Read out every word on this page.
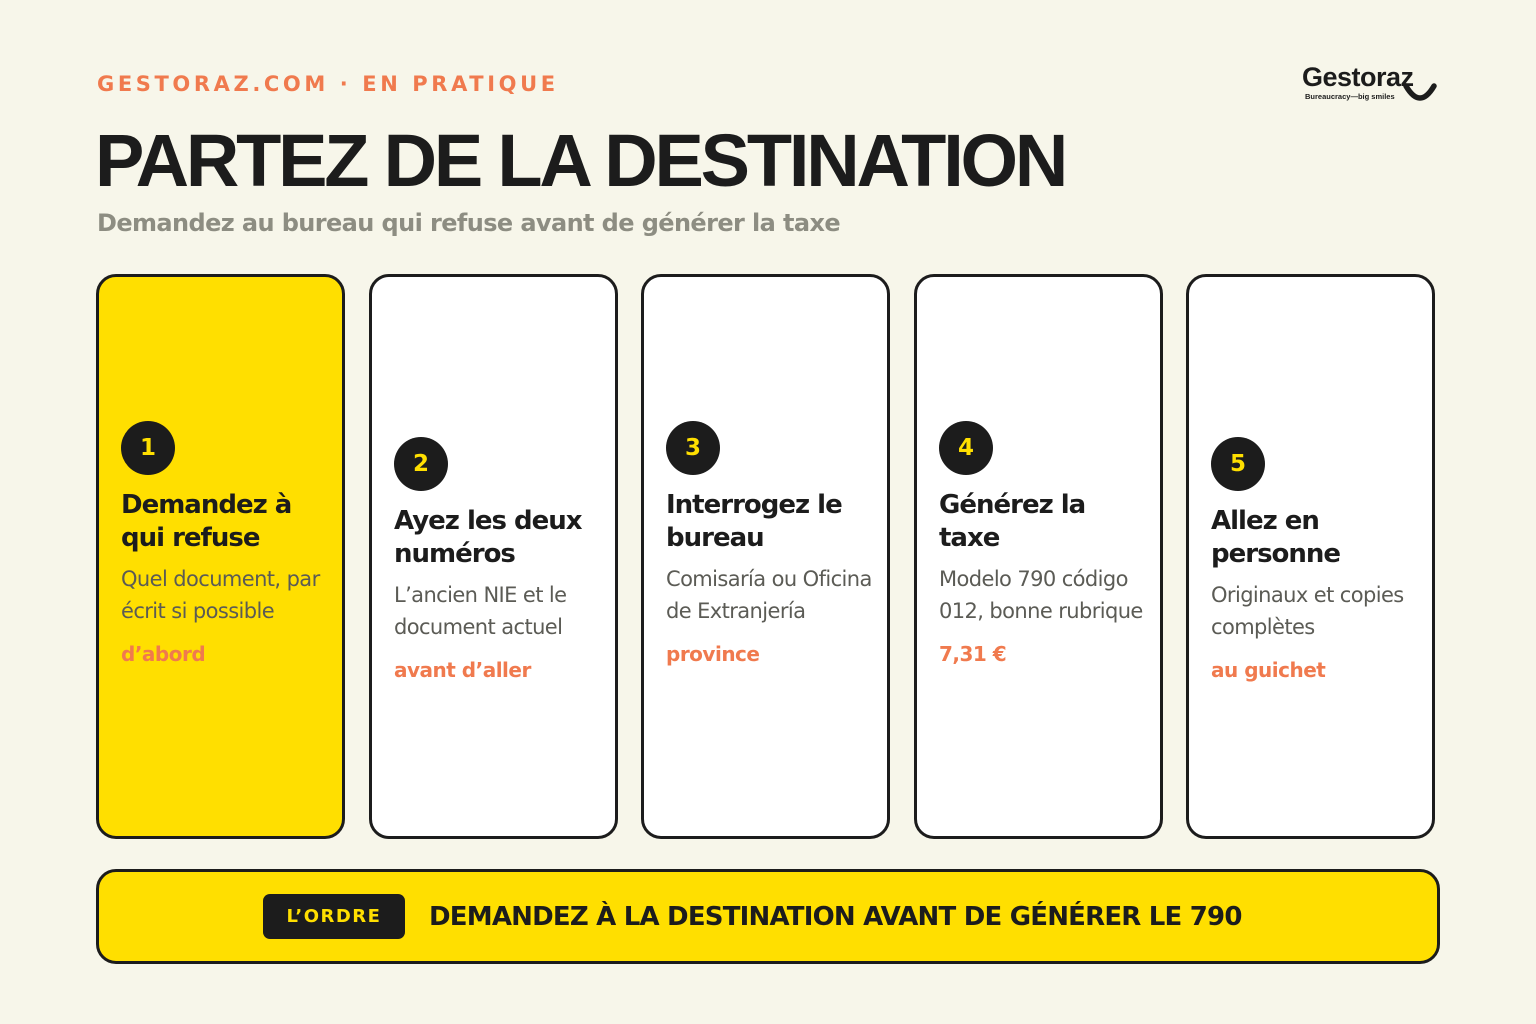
GESTORAZ.COM · EN PRATIQUE	Gestoraz
Bureaucracy—big smiles
PARTEZ DE LA DESTINATION
Demandez au bureau qui refuse avant de générer la taxe
1
Demandez à qui refuse
Quel document, par écrit si possible
d’abord
2
Ayez les deux numéros
L’ancien NIE et le document actuel
avant d’aller
3
Interrogez le bureau
Comisaría ou Oficina de Extranjería
province
4
Générez la taxe
Modelo 790 código 012, bonne rubrique
7,31 €
5
Allez en personne
Originaux et copies complètes
au guichet
L’ORDRE	DEMANDEZ À LA DESTINATION AVANT DE GÉNÉRER LE 790
